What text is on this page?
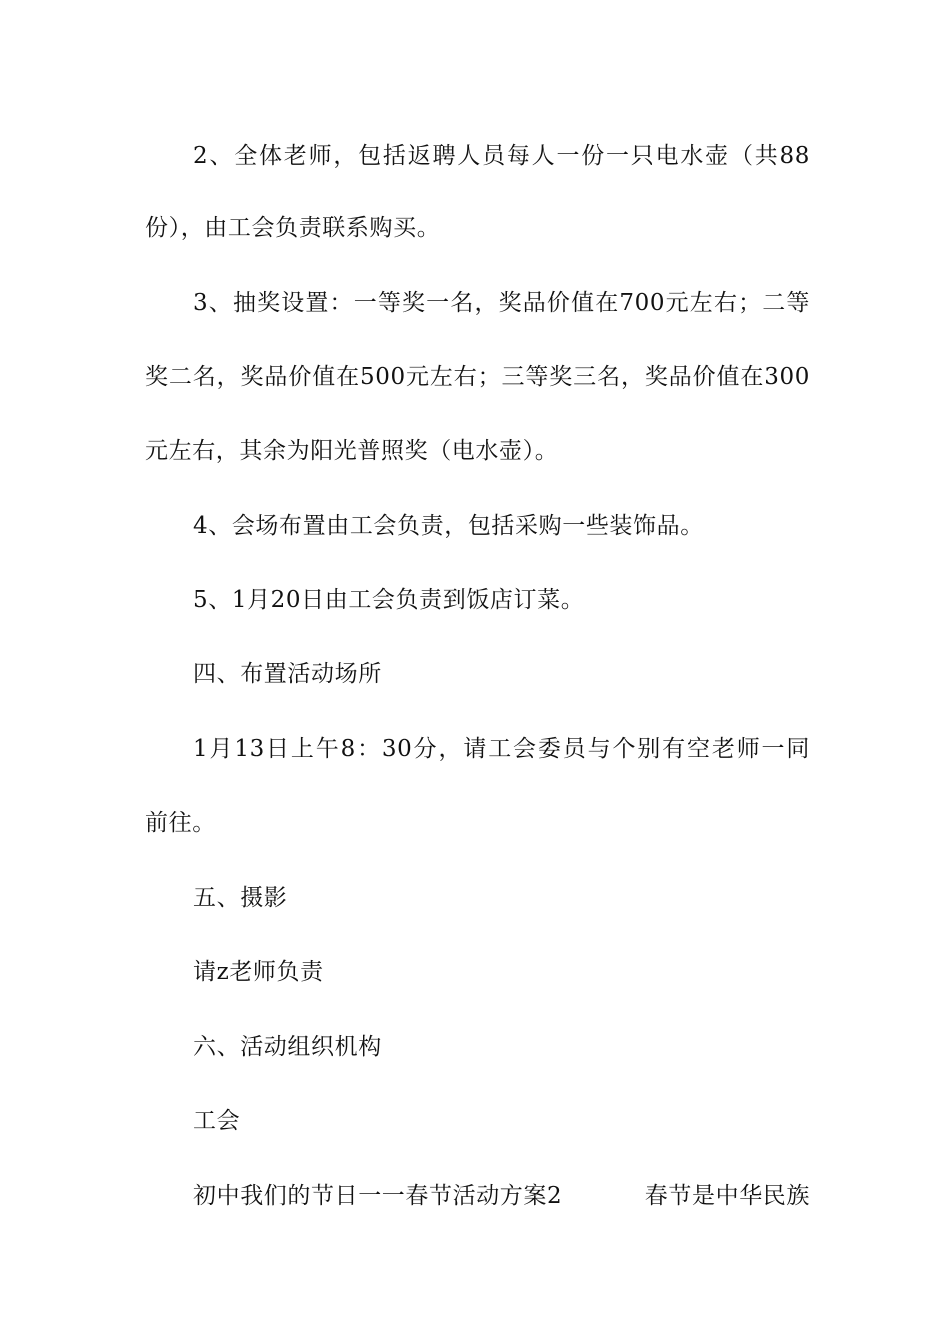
2、全体老师，包括返聘人员每人一份一只电水壶（共88
份），由工会负责联系购买。
3、抽奖设置：一等奖一名，奖品价值在700元左右；二等
奖二名，奖品价值在500元左右；三等奖三名，奖品价值在300
元左右，其余为阳光普照奖（电水壶）。
4、会场布置由工会负责，包括采购一些装饰品。
5、1月20日由工会负责到饭店订菜。
四、布置活动场所
1月13日上午8：30分，请工会委员与个别有空老师一同
前往。
五、摄影
请z老师负责
六、活动组织机构
工会
初中我们的节日一一春节活动方案2	春节是中华民族
